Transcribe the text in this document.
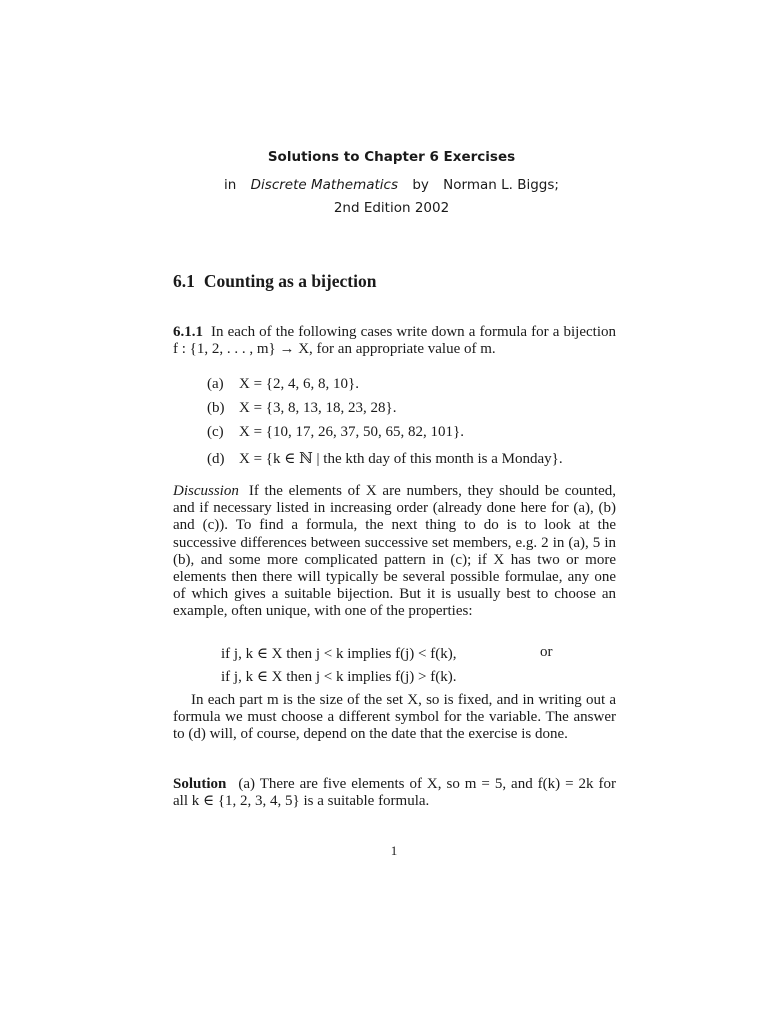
Solutions to Chapter 6 Exercises
in Discrete Mathematics by Norman L. Biggs;
2nd Edition 2002
6.1 Counting as a bijection
6.1.1 In each of the following cases write down a formula for a bijection f : {1, 2, . . . , m} → X, for an appropriate value of m.
(a) X = {2, 4, 6, 8, 10}.
(b) X = {3, 8, 13, 18, 23, 28}.
(c) X = {10, 17, 26, 37, 50, 65, 82, 101}.
(d) X = {k ∈ ℕ | the kth day of this month is a Monday}.
Discussion If the elements of X are numbers, they should be counted, and if necessary listed in increasing order (already done here for (a), (b) and (c)). To find a formula, the next thing to do is to look at the successive differences between successive set members, e.g. 2 in (a), 5 in (b), and some more complicated pattern in (c); if X has two or more elements then there will typically be several possible formulae, any one of which gives a suitable bijection. But it is usually best to choose an example, often unique, with one of the properties:
if j, k ∈ X then j < k implies f(j) < f(k),	or
if j, k ∈ X then j < k implies f(j) > f(k).
In each part m is the size of the set X, so is fixed, and in writing out a formula we must choose a different symbol for the variable. The answer to (d) will, of course, depend on the date that the exercise is done.
Solution (a) There are five elements of X, so m = 5, and f(k) = 2k for all k ∈ {1, 2, 3, 4, 5} is a suitable formula.
1
